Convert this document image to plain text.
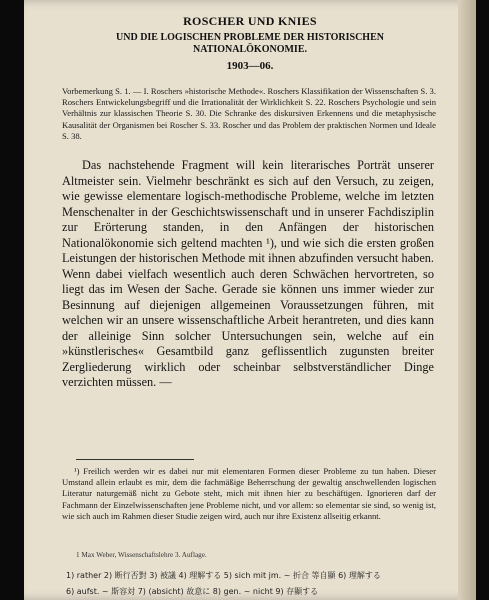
ROSCHER UND KNIES
UND DIE LOGISCHEN PROBLEME DER HISTORISCHEN
NATIONALÖKONOMIE.
1903—06.
Vorbemerkung S. 1. — I. Roschers »historische Methode«. Roschers Klassifikation der Wissenschaften S. 3. Roschers Entwickelungsbegriff und die Irrationalität der Wirklichkeit S. 22. Roschers Psychologie und sein Verhältnis zur klassischen Theorie S. 30. Die Schranke des diskursiven Erkennens und die metaphysische Kausalität der Organismen bei Roscher S. 33. Roscher und das Problem der praktischen Normen und Ideale S. 38.

Das nachstehende Fragment will kein literarisches Porträt unserer Altmeister sein. Vielmehr beschränkt es sich auf den Versuch, zu zeigen, wie gewisse elementare logisch-methodische Probleme, welche im letzten Menschenalter in der Geschichtswissenschaft und in unserer Fachdisziplin zur Erörterung standen, in den Anfängen der historischen Nationalökonomie sich geltend machten ¹), und wie sich die ersten großen Leistungen der historischen Methode mit ihnen abzufinden versucht haben. Wenn dabei vielfach wesentlich auch deren Schwächen hervortreten, so liegt das im Wesen der Sache. Gerade sie können uns immer wieder zur Besinnung auf diejenigen allgemeinen Voraussetzungen führen, mit welchen wir an unsere wissenschaftliche Arbeit herantreten, und dies kann der alleinige Sinn solcher Untersuchungen sein, welche auf ein »künstlerisches« Gesamtbild ganz geflissentlich zugunsten breiter Zergliederung wirklich oder scheinbar selbstverständlicher Dinge verzichten müssen. —

¹) Freilich werden wir es dabei nur mit elementaren Formen dieser Probleme zu tun haben. Dieser Umstand allein erlaubt es mir, dem die fachmäßige Beherrschung der gewaltig anschwellenden logischen Literatur naturgemäß nicht zu Gebote steht, mich mit ihnen hier zu beschäftigen. Ignorieren darf der Fachmann der Einzelwissenschaften jene Probleme nicht, und vor allem: so elementar sie sind, so wenig ist, wie sich auch im Rahmen dieser Studie zeigen wird, auch nur ihre Existenz allseitig erkannt.

1 Max Weber, Wissenschaftslehre 3. Auflage.
1) rather 2) 断行否對 3) 被議 4) 理解する 5) sich mit jm. ~ 折合 等自顯 6) 理解する
6) aufst. ~ 斯容対 7) (absicht) 故意に 8) gen. ~ nicht 9) 存顯する
